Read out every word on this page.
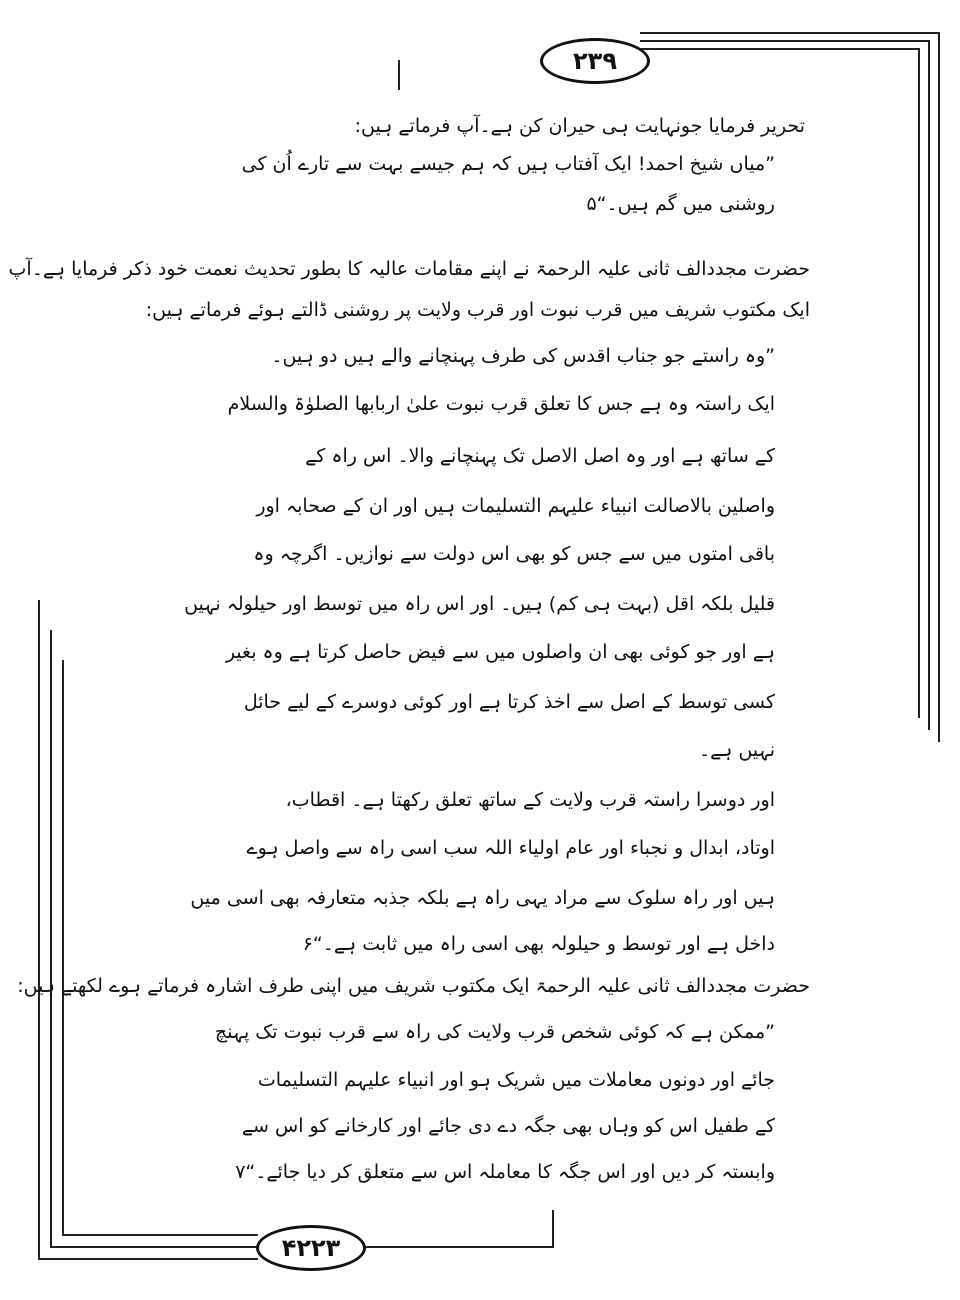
۲۳۹
۴۲۲۳
تحریر فرمایا جونہایت ہی حیران کن ہے۔آپ فرماتے ہیں:
”میاں شیخ احمد! ایک آفتاب ہیں کہ ہم جیسے بہت سے تارے اُن کی
روشنی میں گم ہیں۔“۵
حضرت مجددالف ثانی علیہ الرحمۃ نے اپنے مقامات عالیہ کا بطور تحدیث نعمت خود ذکر فرمایا ہے۔آپ
ایک مکتوب شریف میں قرب نبوت اور قرب ولایت پر روشنی ڈالتے ہوئے فرماتے ہیں:
”وہ راستے جو جناب اقدس کی طرف پہنچانے والے ہیں دو ہیں۔
ایک راستہ وہ ہے جس کا تعلق قرب نبوت علیٰ اربابھا الصلوٰۃ والسلام
کے ساتھ ہے اور وہ اصل الاصل تک پہنچانے والا۔ اس راہ کے
واصلین بالاصالت انبیاء علیہم التسلیمات ہیں اور ان کے صحابہ اور
باقی امتوں میں سے جس کو بھی اس دولت سے نوازیں۔ اگرچہ وہ
قلیل بلکہ اقل (بہت ہی کم) ہیں۔ اور اس راہ میں توسط اور حیلولہ نہیں
ہے اور جو کوئی بھی ان واصلوں میں سے فیض حاصل کرتا ہے وہ بغیر
کسی توسط کے اصل سے اخذ کرتا ہے اور کوئی دوسرے کے لیے حائل
نہیں ہے۔
اور دوسرا راستہ قرب ولایت کے ساتھ تعلق رکھتا ہے۔ اقطاب،
اوتاد، ابدال و نجباء اور عام اولیاء اللہ سب اسی راہ سے واصل ہوے
ہیں اور راہ سلوک سے مراد یہی راہ ہے بلکہ جذبہ متعارفہ بھی اسی میں
داخل ہے اور توسط و حیلولہ بھی اسی راہ میں ثابت ہے۔“۶
حضرت مجددالف ثانی علیہ الرحمۃ ایک مکتوب شریف میں اپنی طرف اشارہ فرماتے ہوے لکھتے ہیں:
”ممکن ہے کہ کوئی شخص قرب ولایت کی راہ سے قرب نبوت تک پہنچ
جائے اور دونوں معاملات میں شریک ہو اور انبیاء علیہم التسلیمات
کے طفیل اس کو وہاں بھی جگہ دے دی جائے اور کارخانے کو اس سے
وابستہ کر دیں اور اس جگہ کا معاملہ اس سے متعلق کر دیا جائے۔“۷
